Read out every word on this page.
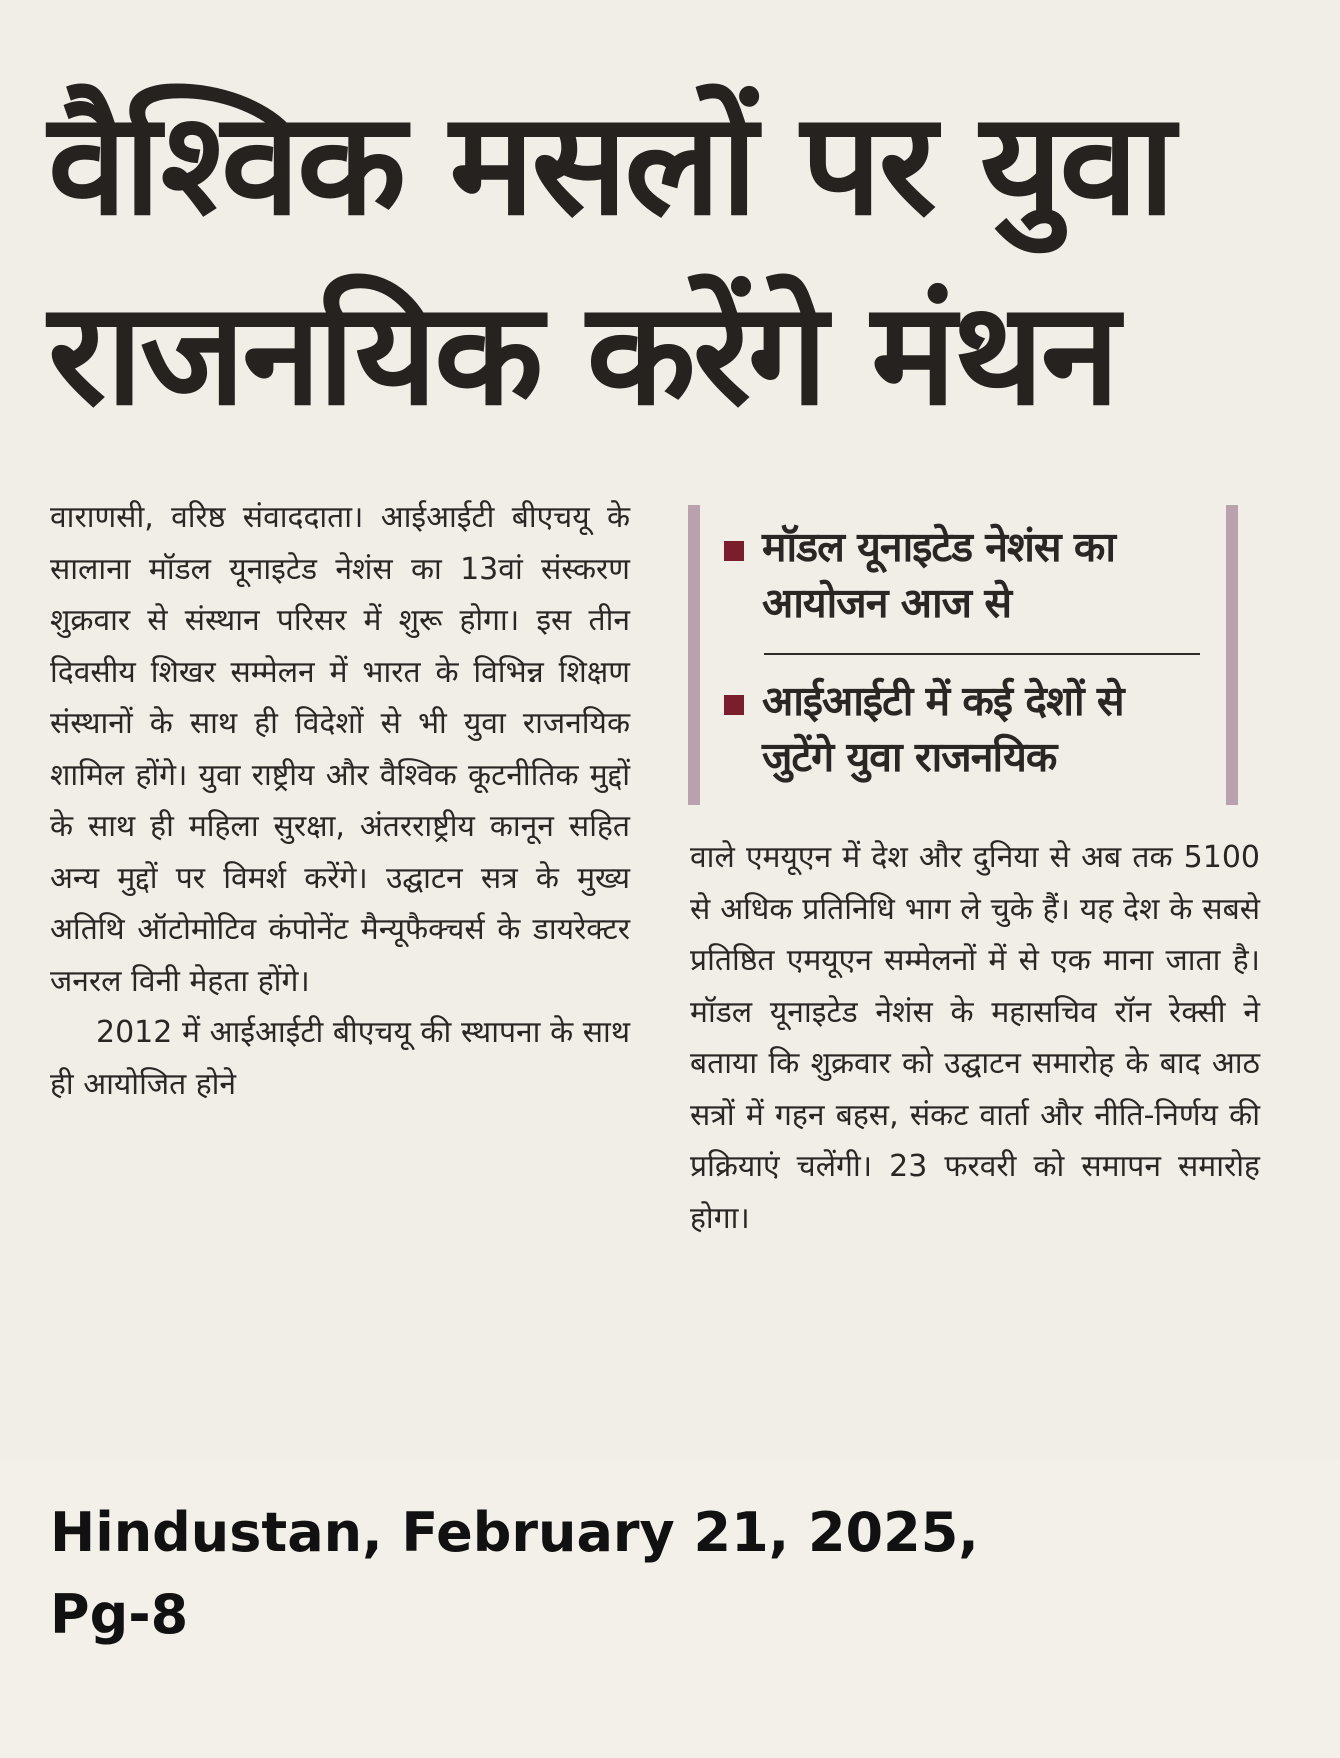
वैश्विक मसलों पर युवा
राजनयिक करेंगे मंथन

वाराणसी, वरिष्ठ संवाददाता। आईआईटी बीएचयू के सालाना मॉडल यूनाइटेड नेशंस का 13वां संस्करण शुक्रवार से संस्थान परिसर में शुरू होगा। इस तीन दिवसीय शिखर सम्मेलन में भारत के विभिन्न शिक्षण संस्थानों के साथ ही विदेशों से भी युवा राजनयिक शामिल होंगे। युवा राष्ट्रीय और वैश्विक कूटनीतिक मुद्दों के साथ ही महिला सुरक्षा, अंतरराष्ट्रीय कानून सहित अन्य मुद्दों पर विमर्श करेंगे। उद्घाटन सत्र के मुख्य अतिथि ऑटोमोटिव कंपोनेंट मैन्यूफैक्चर्स के डायरेक्टर जनरल विनी मेहता होंगे।

2012 में आईआईटी बीएचयू की स्थापना के साथ ही आयोजित होने

मॉडल यूनाइटेड नेशंस का आयोजन आज से
आईआईटी में कई देशों से जुटेंगे युवा राजनयिक

वाले एमयूएन में देश और दुनिया से अब तक 5100 से अधिक प्रतिनिधि भाग ले चुके हैं। यह देश के सबसे प्रतिष्ठित एमयूएन सम्मेलनों में से एक माना जाता है। मॉडल यूनाइटेड नेशंस के महासचिव रॉन रेक्सी ने बताया कि शुक्रवार को उद्घाटन समारोह के बाद आठ सत्रों में गहन बहस, संकट वार्ता और नीति-निर्णय की प्रक्रियाएं चलेंगी। 23 फरवरी को समापन समारोह होगा।

Hindustan, February 21, 2025,
Pg-8
